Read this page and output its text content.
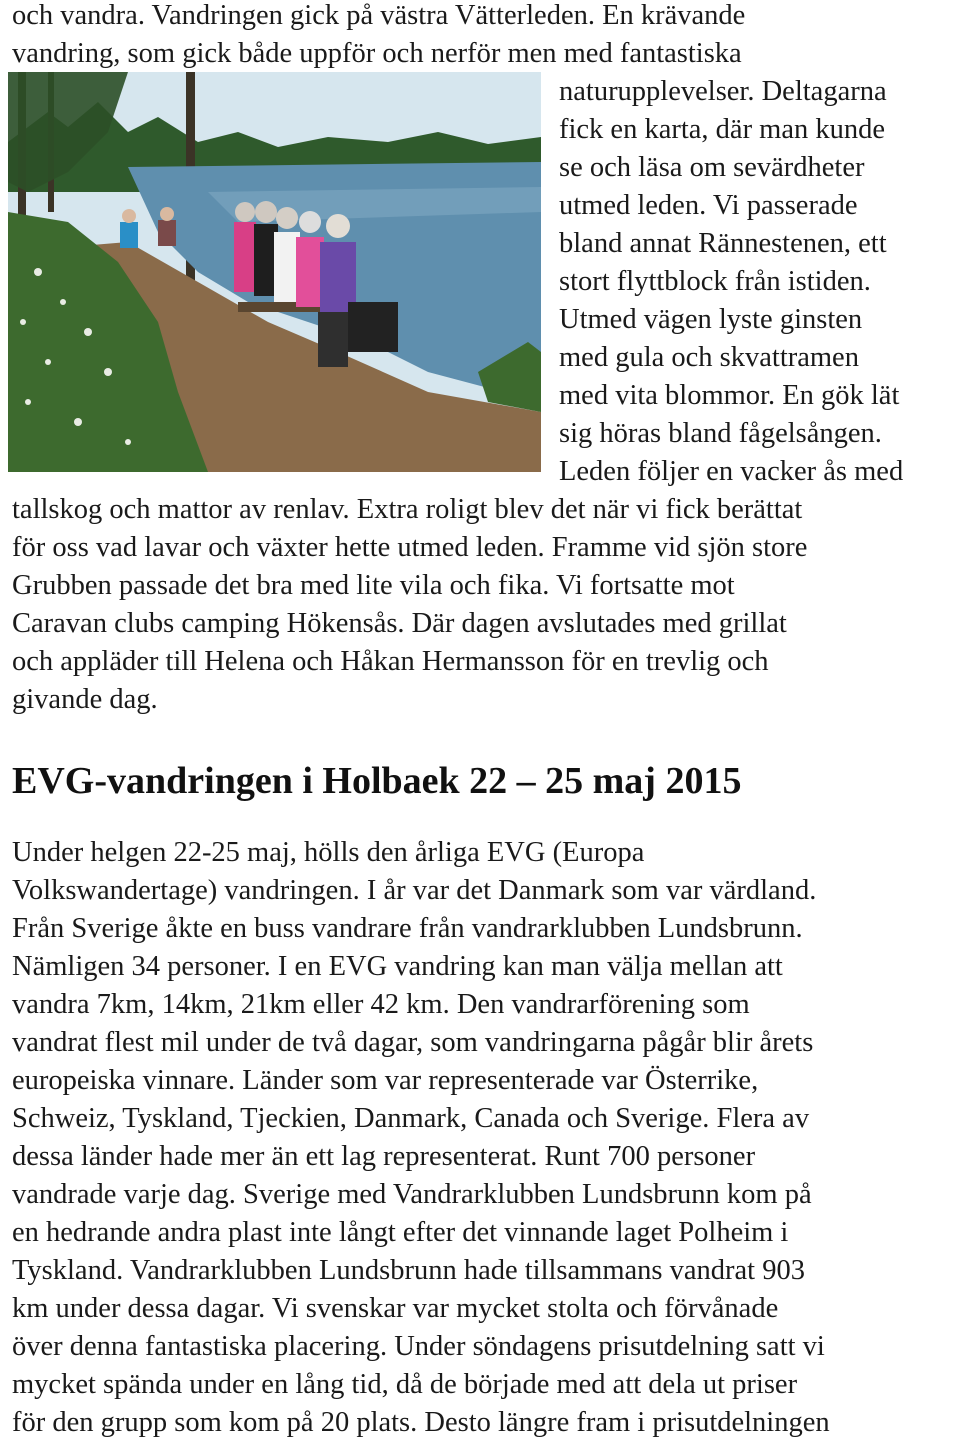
och vandra. Vandringen gick på västra Vätterleden. En krävande
vandring, som gick både uppför och nerför men med fantastiska
naturupplevelser. Deltagarna
fick en karta, där man kunde
se och läsa om sevärdheter
utmed leden. Vi passerade
bland annat Rännestenen, ett
stort flyttblock från istiden.
Utmed vägen lyste ginsten
med gula och skvattramen
med vita blommor. En gök lät
sig höras bland fågelsången.
Leden följer en vacker ås med
tallskog och mattor av renlav. Extra roligt blev det när vi fick berättat
för oss vad lavar och växter hette utmed leden. Framme vid sjön store
Grubben passade det bra med lite vila och fika. Vi fortsatte mot
Caravan clubs camping Hökensås. Där dagen avslutades med grillat
och appläder till Helena och Håkan Hermansson för en trevlig och
givande dag.
EVG-vandringen i Holbaek 22 – 25 maj 2015
Under helgen 22-25 maj, hölls den årliga EVG (Europa
Volkswandertage) vandringen. I år var det Danmark som var värdland.
Från Sverige åkte en buss vandrare från vandrarklubben Lundsbrunn.
Nämligen 34 personer. I en EVG vandring kan man välja mellan att
vandra 7km, 14km, 21km eller 42 km. Den vandrarförening som
vandrat flest mil under de två dagar, som vandringarna pågår blir årets
europeiska vinnare. Länder som var representerade var Österrike,
Schweiz, Tyskland, Tjeckien, Danmark, Canada och Sverige. Flera av
dessa länder hade mer än ett lag representerat. Runt 700 personer
vandrade varje dag. Sverige med Vandrarklubben Lundsbrunn kom på
en hedrande andra plast inte långt efter det vinnande laget Polheim i
Tyskland. Vandrarklubben Lundsbrunn hade tillsammans vandrat 903
km under dessa dagar. Vi svenskar var mycket stolta och förvånade
över denna fantastiska placering. Under söndagens prisutdelning satt vi
mycket spända under en lång tid, då de började med att dela ut priser
för den grupp som kom på 20 plats. Desto längre fram i prisutdelningen
